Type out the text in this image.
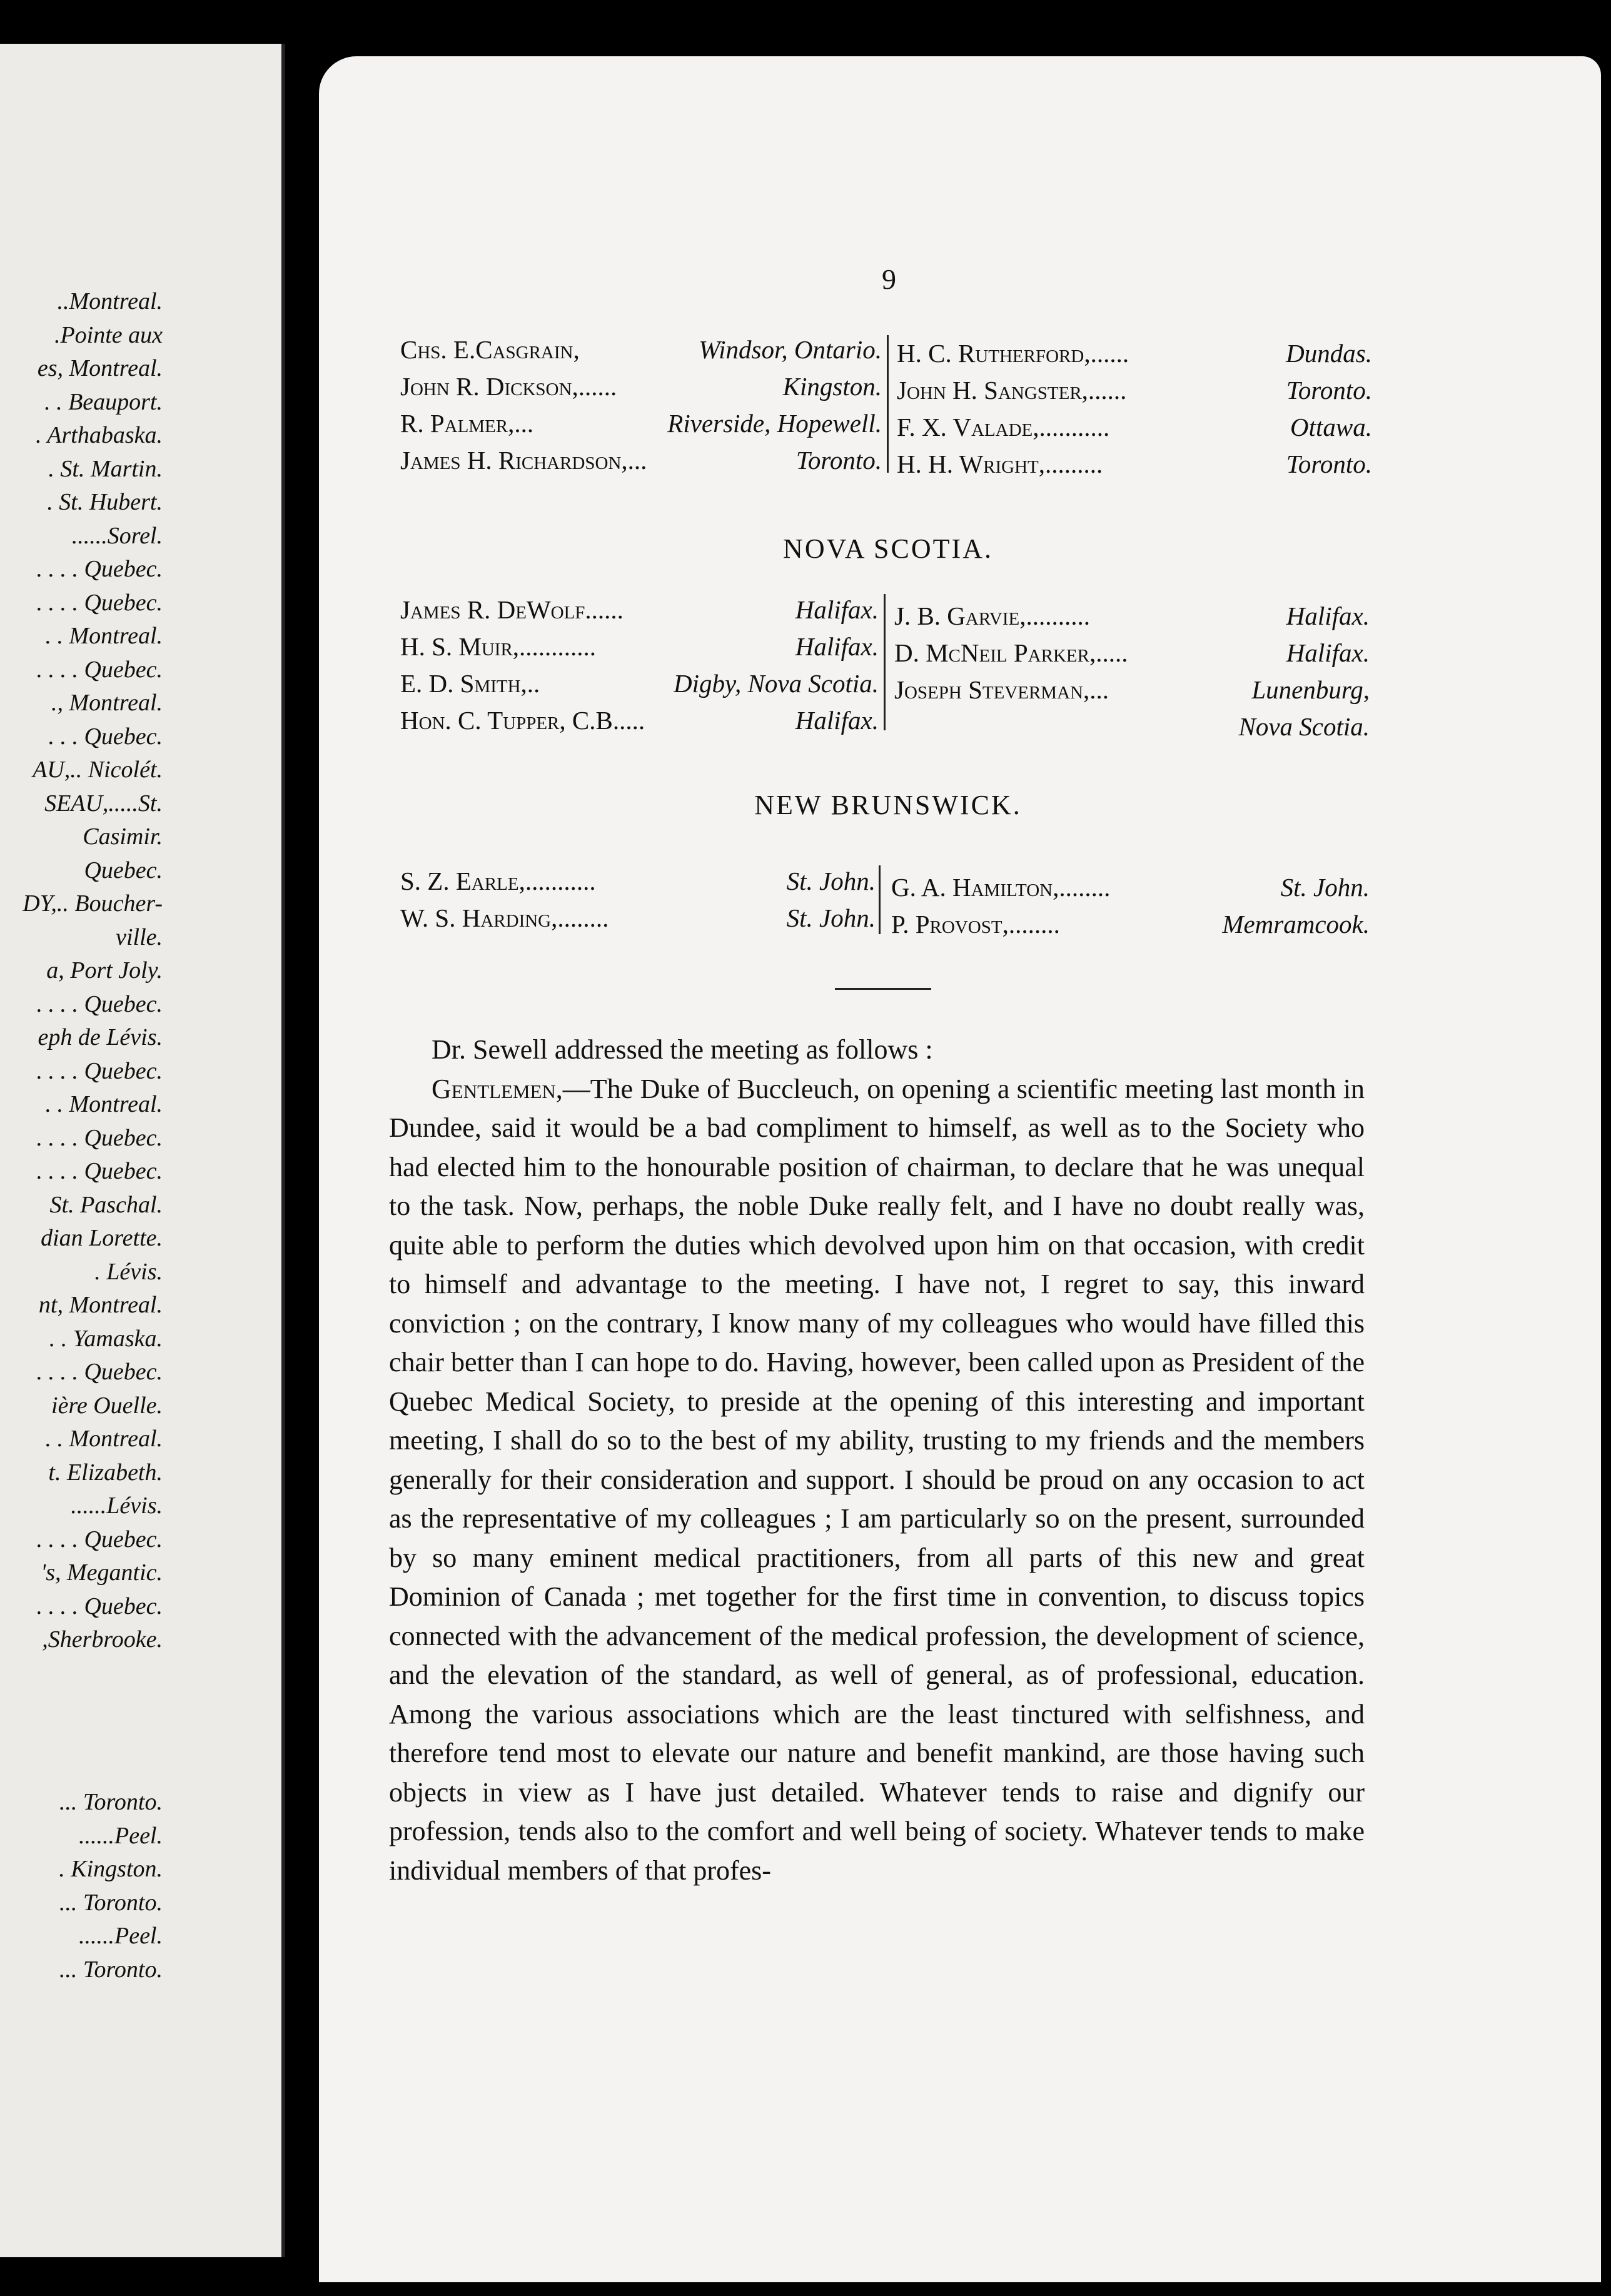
..Montreal.
.Pointe aux
es, Montreal.
. . Beauport.
. Arthabaska.
. St. Martin.
. St. Hubert.
......Sorel.
. . . . Quebec.
. . . . Quebec.
. . Montreal.
. . . . Quebec.
., Montreal.
. . . Quebec.
AU,.. Nicolét.
SEAU,.....St.
Casimir.
Quebec.
DY,.. Boucher-
ville.
a, Port Joly.
. . . . Quebec.
eph de Lévis.
. . . . Quebec.
. . Montreal.
. . . . Quebec.
. . . . Quebec.
St. Paschal.
dian Lorette.
. Lévis.
nt, Montreal.
. . Yamaska.
. . . . Quebec.
ière Ouelle.
. . Montreal.
t. Elizabeth.
......Lévis.
. . . . Quebec.
's, Megantic.
. . . . Quebec.
,Sherbrooke.
... Toronto.
......Peel.
. Kingston.
... Toronto.
......Peel.
... Toronto.
9
Chs. E.Casgrain,	Windsor, Ontario.
John R. Dickson,......	Kingston.
R. Palmer,...	Riverside, Hopewell.
James H. Richardson,...	Toronto.
H. C. Rutherford,......	Dundas.
John H. Sangster,......	Toronto.
F. X. Valade,...........	Ottawa.
H. H. Wright,.........	Toronto.
NOVA SCOTIA.
James R. DeWolf......	Halifax.
H. S. Muir,............	Halifax.
E. D. Smith,..	Digby, Nova Scotia.
Hon. C. Tupper, C.B.....	Halifax.
J. B. Garvie,..........	Halifax.
D. McNeil Parker,.....	Halifax.
Joseph Steverman,...	Lunenburg,
Nova Scotia.
NEW BRUNSWICK.
S. Z. Earle,...........	St. John.
W. S. Harding,........	St. John.
G. A. Hamilton,........	St. John.
P. Provost,........	Memramcook.

Dr. Sewell addressed the meeting as follows :

Gentlemen,—The Duke of Buccleuch, on opening a scientific meeting last month in Dundee, said it would be a bad compliment to himself, as well as to the Society who had elected him to the honourable position of chairman, to declare that he was unequal to the task. Now, perhaps, the noble Duke really felt, and I have no doubt really was, quite able to perform the duties which devolved upon him on that occasion, with credit to himself and advantage to the meeting. I have not, I regret to say, this inward conviction ; on the contrary, I know many of my colleagues who would have filled this chair better than I can hope to do. Having, however, been called upon as President of the Quebec Medical Society, to preside at the opening of this interesting and important meeting, I shall do so to the best of my ability, trusting to my friends and the members generally for their consideration and support. I should be proud on any occasion to act as the representative of my colleagues ; I am particularly so on the present, surrounded by so many eminent medical practitioners, from all parts of this new and great Dominion of Canada ; met together for the first time in convention, to discuss topics connected with the advancement of the medical profession, the development of science, and the elevation of the standard, as well of general, as of professional, education. Among the various associations which are the least tinctured with selfishness, and therefore tend most to elevate our nature and benefit mankind, are those having such objects in view as I have just detailed. Whatever tends to raise and dignify our profession, tends also to the comfort and well being of society. Whatever tends to make individual members of that profes-
